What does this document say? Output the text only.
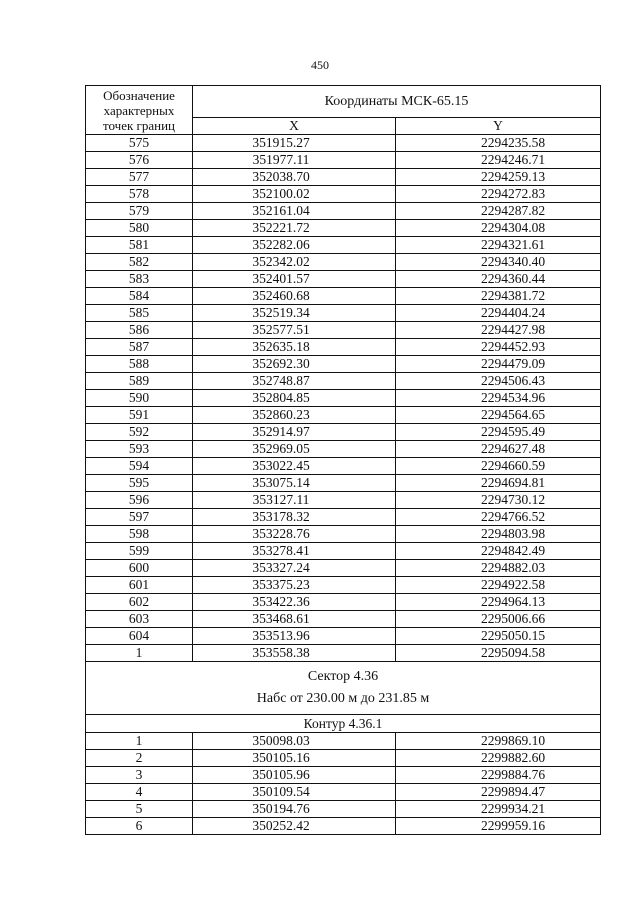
450
Обозначение характерных точек границ	Координаты МСК-65.15	
	X	Y
575	351915.27	2294235.58
576	351977.11	2294246.71
577	352038.70	2294259.13
578	352100.02	2294272.83
579	352161.04	2294287.82
580	352221.72	2294304.08
581	352282.06	2294321.61
582	352342.02	2294340.40
583	352401.57	2294360.44
584	352460.68	2294381.72
585	352519.34	2294404.24
586	352577.51	2294427.98
587	352635.18	2294452.93
588	352692.30	2294479.09
589	352748.87	2294506.43
590	352804.85	2294534.96
591	352860.23	2294564.65
592	352914.97	2294595.49
593	352969.05	2294627.48
594	353022.45	2294660.59
595	353075.14	2294694.81
596	353127.11	2294730.12
597	353178.32	2294766.52
598	353228.76	2294803.98
599	353278.41	2294842.49
600	353327.24	2294882.03
601	353375.23	2294922.58
602	353422.36	2294964.13
603	353468.61	2295006.66
604	353513.96	2295050.15
1	353558.38	2295094.58

Сектор 4.36
Набс от 230.00 м до 231.85 м		

Контур 4.36.1		
1	350098.03	2299869.10
2	350105.16	2299882.60
3	350105.96	2299884.76
4	350109.54	2299894.47
5	350194.76	2299934.21
6	350252.42	2299959.16
